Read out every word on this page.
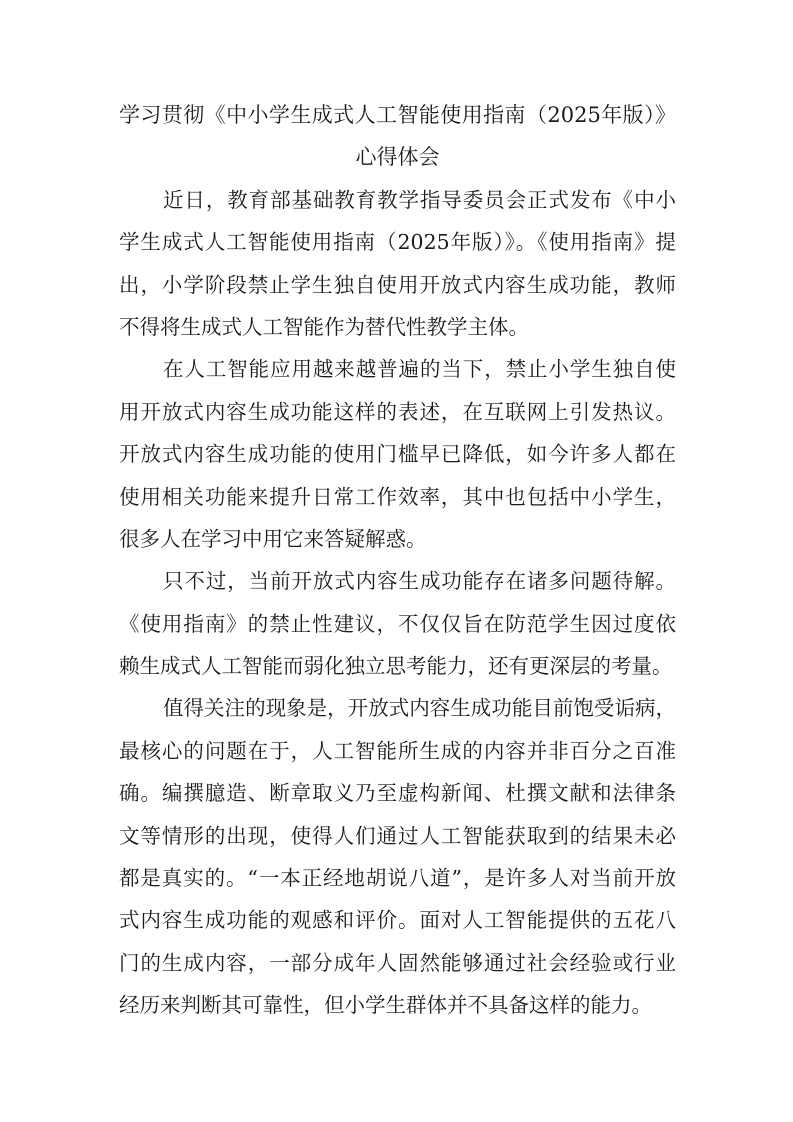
学习贯彻《中小学生成式人工智能使用指南（2025年版）》
心得体会
近日，教育部基础教育教学指导委员会正式发布《中小
学生成式人工智能使用指南（2025年版）》。《使用指南》提
出，小学阶段禁止学生独自使用开放式内容生成功能，教师
不得将生成式人工智能作为替代性教学主体。
在人工智能应用越来越普遍的当下，禁止小学生独自使
用开放式内容生成功能这样的表述，在互联网上引发热议。
开放式内容生成功能的使用门槛早已降低，如今许多人都在
使用相关功能来提升日常工作效率，其中也包括中小学生，
很多人在学习中用它来答疑解惑。
只不过，当前开放式内容生成功能存在诸多问题待解。
《使用指南》的禁止性建议，不仅仅旨在防范学生因过度依
赖生成式人工智能而弱化独立思考能力，还有更深层的考量。
值得关注的现象是，开放式内容生成功能目前饱受诟病，
最核心的问题在于，人工智能所生成的内容并非百分之百准
确。编撰臆造、断章取义乃至虚构新闻、杜撰文献和法律条
文等情形的出现，使得人们通过人工智能获取到的结果未必
都是真实的。“一本正经地胡说八道”，是许多人对当前开放
式内容生成功能的观感和评价。面对人工智能提供的五花八
门的生成内容，一部分成年人固然能够通过社会经验或行业
经历来判断其可靠性，但小学生群体并不具备这样的能力。
